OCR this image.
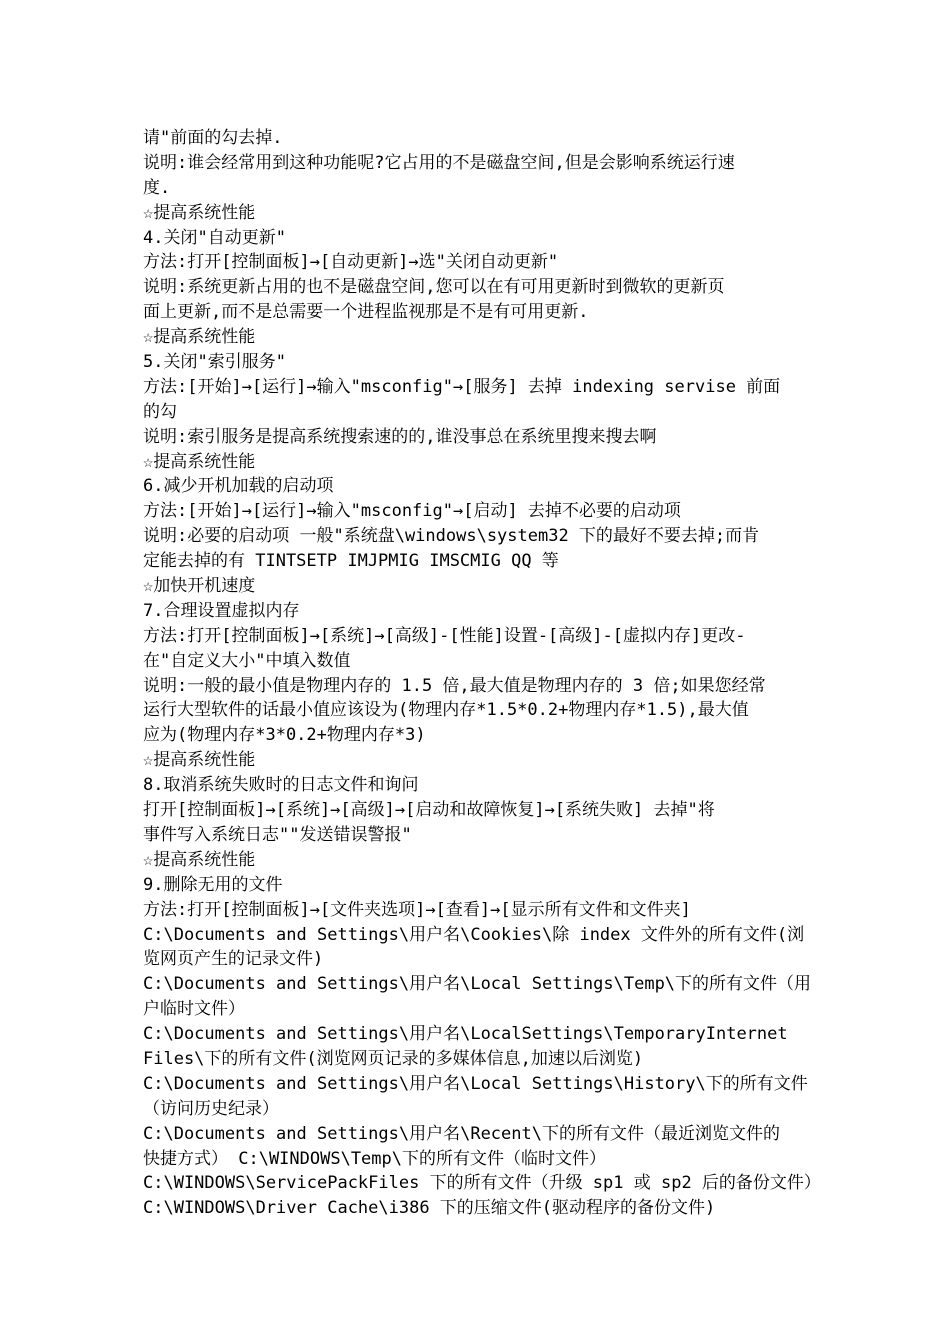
请"前面的勾去掉.
说明:谁会经常用到这种功能呢?它占用的不是磁盘空间,但是会影响系统运行速
度.
☆提高系统性能
4.关闭"自动更新"
方法:打开[控制面板]→[自动更新]→选"关闭自动更新"
说明:系统更新占用的也不是磁盘空间,您可以在有可用更新时到微软的更新页
面上更新,而不是总需要一个进程监视那是不是有可用更新.
☆提高系统性能
5.关闭"索引服务"
方法:[开始]→[运行]→输入"msconfig"→[服务] 去掉 indexing servise 前面
的勾
说明:索引服务是提高系统搜索速的的,谁没事总在系统里搜来搜去啊
☆提高系统性能
6.减少开机加载的启动项
方法:[开始]→[运行]→输入"msconfig"→[启动] 去掉不必要的启动项
说明:必要的启动项 一般"系统盘\windows\system32 下的最好不要去掉;而肯
定能去掉的有 TINTSETP IMJPMIG IMSCMIG QQ 等
☆加快开机速度
7.合理设置虚拟内存
方法:打开[控制面板]→[系统]→[高级]-[性能]设置-[高级]-[虚拟内存]更改-
在"自定义大小"中填入数值
说明:一般的最小值是物理内存的 1.5 倍,最大值是物理内存的 3 倍;如果您经常
运行大型软件的话最小值应该设为(物理内存*1.5*0.2+物理内存*1.5),最大值
应为(物理内存*3*0.2+物理内存*3)
☆提高系统性能
8.取消系统失败时的日志文件和询问
打开[控制面板]→[系统]→[高级]→[启动和故障恢复]→[系统失败] 去掉"将
事件写入系统日志""发送错误警报"
☆提高系统性能
9.删除无用的文件
方法:打开[控制面板]→[文件夹选项]→[查看]→[显示所有文件和文件夹]
C:\Documents and Settings\用户名\Cookies\除 index 文件外的所有文件(浏
览网页产生的记录文件)
C:\Documents and Settings\用户名\Local Settings\Temp\下的所有文件（用
户临时文件）
C:\Documents and Settings\用户名\LocalSettings\TemporaryInternet
Files\下的所有文件(浏览网页记录的多媒体信息,加速以后浏览)
C:\Documents and Settings\用户名\Local Settings\History\下的所有文件
（访问历史纪录）
C:\Documents and Settings\用户名\Recent\下的所有文件（最近浏览文件的
快捷方式） C:\WINDOWS\Temp\下的所有文件（临时文件）
C:\WINDOWS\ServicePackFiles 下的所有文件（升级 sp1 或 sp2 后的备份文件）
C:\WINDOWS\Driver Cache\i386 下的压缩文件(驱动程序的备份文件)
